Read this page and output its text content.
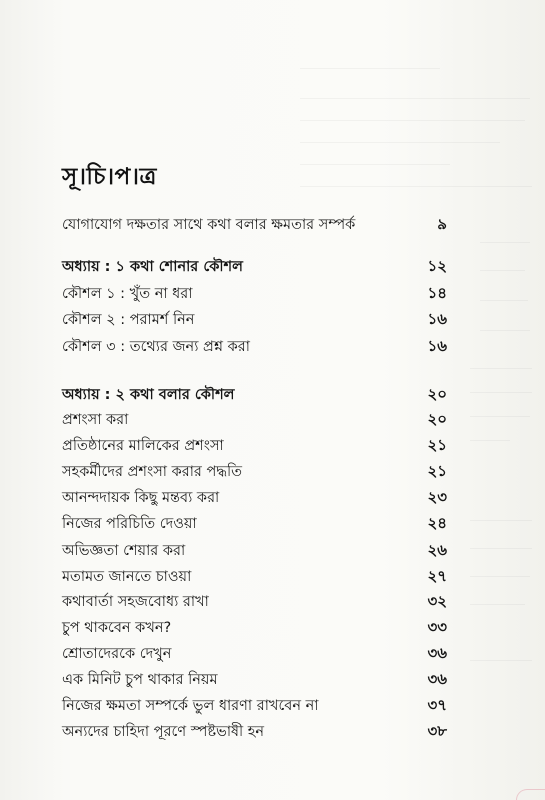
সূ।চি।প।ত্র
যোগাযোগ দক্ষতার সাথে কথা বলার ক্ষমতার সম্পর্ক	৯
অধ্যায় : ১ কথা শোনার কৌশল	১২
কৌশল ১ : খুঁত না ধরা	১৪
কৌশল ২ : পরামর্শ নিন	১৬
কৌশল ৩ : তথ্যের জন্য প্রশ্ন করা	১৬
অধ্যায় : ২ কথা বলার কৌশল	২০
প্রশংসা করা	২০
প্রতিষ্ঠানের মালিকের প্রশংসা	২১
সহকর্মীদের প্রশংসা করার পদ্ধতি	২১
আনন্দদায়ক কিছু মন্তব্য করা	২৩
নিজের পরিচিতি দেওয়া	২৪
অভিজ্ঞতা শেয়ার করা	২৬
মতামত জানতে চাওয়া	২৭
কথাবার্তা সহজবোধ্য রাখা	৩২
চুপ থাকবেন কখন?	৩৩
শ্রোতাদেরকে দেখুন	৩৬
এক মিনিট চুপ থাকার নিয়ম	৩৬
নিজের ক্ষমতা সম্পর্কে ভুল ধারণা রাখবেন না	৩৭
অন্যদের চাহিদা পূরণে স্পষ্টভাষী হন	৩৮
